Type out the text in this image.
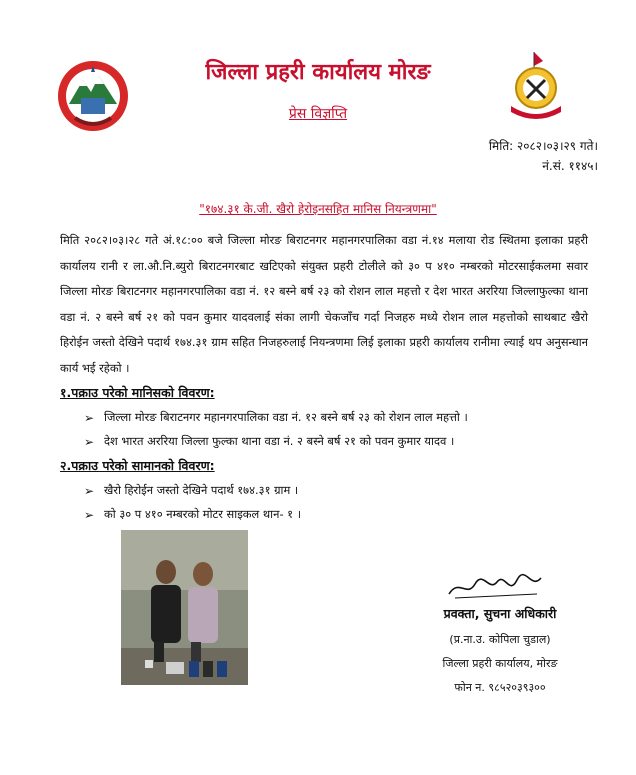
जिल्ला प्रहरी कार्यालय मोरङ
प्रेस विज्ञप्ति
मिति: २०८२।०३।२९ गते।
नं.सं. ११४५।
"१७४.३१ के.जी. खैरो हेरोइनसहित मानिस नियन्त्रणमा"
मिति २०८२।०३।२८ गते अं.१८:०० बजे जिल्ला मोरङ बिराटनगर महानगरपालिका वडा नं.१४ मलाया रोड स्थितमा इलाका प्रहरी कार्यालय रानी र ला.औ.नि.ब्युरो बिराटनगरबाट खटिएको संयुक्त प्रहरी टोलीले को ३० प ४१० नम्बरको मोटरसाईकलमा सवार जिल्ला मोरङ बिराटनगर महानगरपालिका वडा नं. १२ बस्ने बर्ष २३ को रोशन लाल महत्तो र देश भारत अररिया जिल्लाफुल्का थाना वडा नं. २ बस्ने बर्ष २१ को पवन कुमार यादवलाई संका लागी चेकजाँच गर्दा निजहरु मध्ये रोशन लाल महत्तोको साथबाट खैरो हिरोईन जस्तो देखिने पदार्थ १७४.३१ ग्राम सहित निजहरुलाई नियन्त्रणमा लिई इलाका प्रहरी कार्यालय रानीमा ल्याई थप अनुसन्धान कार्य भई रहेको ।
१.पक्राउ परेको मानिसको विवरण:
➢ जिल्ला मोरङ बिराटनगर महानगरपालिका वडा नं. १२ बस्ने बर्ष २३ को रोशन लाल महत्तो ।
➢ देश भारत अररिया जिल्ला फुल्का थाना वडा नं. २ बस्ने बर्ष २१ को पवन कुमार यादव ।
२.पक्राउ परेको सामानको विवरण:
➢ खैरो हिरोईन जस्तो देखिने पदार्थ १७४.३१ ग्राम ।
➢ को ३० प ४१० नम्बरको मोटर साइकल थान- १ ।
प्रवक्ता, सुचना अधिकारी
(प्र.ना.उ. कोपिला चुडाल)
जिल्ला प्रहरी कार्यालय, मोरङ
फोन न. ९८५२०३९३००
